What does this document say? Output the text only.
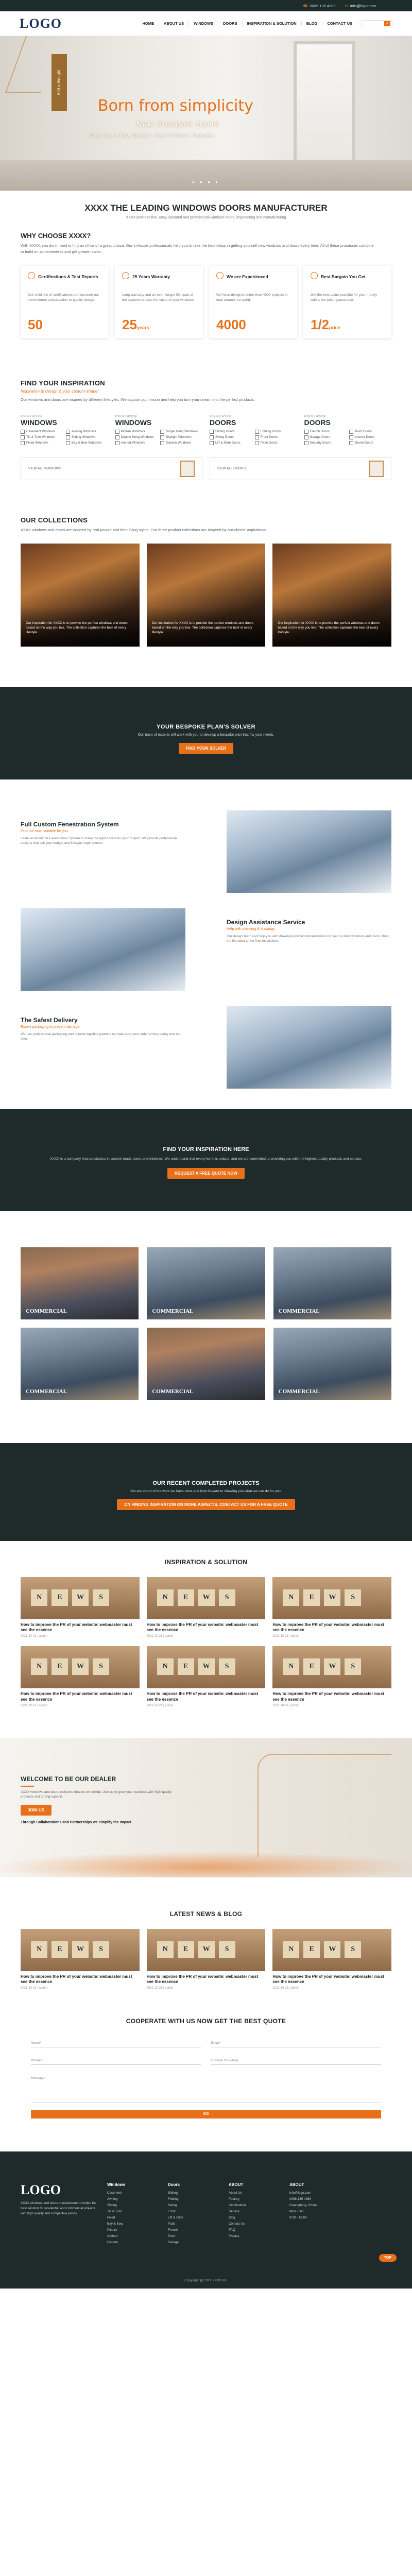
☎ 0086 135 4389 ✉ info@logo.com
LOGO	HOME	ABOUT US	WINDOWS	DOORS	INSPIRATION & SOLUTION	BLOG	CONTACT US	⌕
Add a thought
Born from simplicity
New Freedom Home
New Idea ▪ New Design ▪ New Product ▪ Success
● ● ● ●
XXXX THE LEADING WINDOWS DOORS MANUFACTURER

XXXX provides fine, easy-operated and professional windows doors, engineering and manufacturing

WHY CHOOSE XXXX?

With XXXX, you don't need to find an office of a great choice. Our in-house professionals help you to take the best steps in getting yourself new windows and doors every time. All of these processes combine to build on achievements and get greater sales.

Certifications & Test Reports
Our solid line of certifications demonstrate our commitment and devotion to quality design.
50
25 Years Warranty
Long warranty and an even longer life span of the systems ensure the value of your windows.
25years
We are Experienced
We have designed more than 4000 projects in total around the world.
4000
Best Bargain You Get
Get the best value possible for your money with a low price guaranteed.
1/2price
FIND YOUR INSPIRATION
Inspiration to design & your custom-shape!

Our windows and doors are inspired by different lifestyles. We support your vision and help you turn your dream into the perfect products.

FOR MY HOUSE
WINDOWS
Casement Windows	Awning Windows
Tilt & Turn Windows	Sliding Windows
Fixed Windows	Bay & Bow Windows
FOR MY HOUSE
WINDOWS
Picture Windows	Single Hung Windows
Double Hung Windows	Skylight Windows
Arched Windows	Garden Windows
FOR MY HOUSE
DOORS
Sliding Doors	Folding Doors
Swing Doors	Front Doors
Lift & Slide Doors	Patio Doors
FOR MY HOUSE
DOORS
French Doors	Pivot Doors
Garage Doors	Interior Doors
Security Doors	Storm Doors
VIEW ALL WINDOWS	VIEW ALL DOORS
OUR COLLECTIONS

XXXX windows and doors are inspired by real people and their living styles. Our three product collections are inspired by our clients' aspirations.

Our inspiration for XXXX is to provide the perfect windows and doors based on the way you live. The collection captures the best of every lifestyle.
Our inspiration for XXXX is to provide the perfect windows and doors based on the way you live. The collection captures the best of every lifestyle.
Our inspiration for XXXX is to provide the perfect windows and doors based on the way you live. The collection captures the best of every lifestyle.
YOUR BESPOKE PLAN'S SOLVER

Our team of experts will work with you to develop a bespoke plan that fits your needs.

FIND YOUR SOLVER
Full Custom Fenestration System
Find the most suitable for you

Learn all about the Fenestration System to make the right choice for your project. We provide professional designs that suit your budget and lifestyle requirements.

Design Assistance Service
Help with planning & drawings

Our design team can help you with drawings and recommendations for your custom windows and doors, from the first idea to the final installation.

The Safest Delivery
Expert packaging to prevent damage

We use professional packaging and reliable logistics partners to make sure your order arrives safely and on time.

FIND YOUR INSPIRATION HERE

XXXX is a company that specializes in custom-made doors and windows. We understand that every home is unique, and we are committed to providing you with the highest quality products and service.

REQUEST A FREE QUOTE NOW
COMMERCIAL	COMMERCIAL	COMMERCIAL
COMMERCIAL	COMMERCIAL	COMMERCIAL
OUR RECENT COMPLETED PROJECTS

We are proud of the work we have done and look forward to showing you what we can do for you.

ON FINDING INSPIRATION ON MORE ASPECTS, CONTACT US FOR A FREE QUOTE
INSPIRATION & SOLUTION
N	E	W	S
How to improve the PR of your website: webmaster must see the essence
2021-10-21 | admin
N	E	W	S
How to improve the PR of your website: webmaster must see the essence
2021-10-21 | admin
N	E	W	S
How to improve the PR of your website: webmaster must see the essence
2021-10-21 | admin
N	E	W	S
How to improve the PR of your website: webmaster must see the essence
2021-10-21 | admin
N	E	W	S
How to improve the PR of your website: webmaster must see the essence
2021-10-21 | admin
N	E	W	S
How to improve the PR of your website: webmaster must see the essence
2021-10-21 | admin
WELCOME TO BE OUR DEALER

XXXX windows and doors welcome dealers worldwide. Join us to grow your business with high quality products and strong support.

JOIN US
Through Collaborations and Partnerships we simplify the Impact
LATEST NEWS & BLOG
N	E	W	S
How to improve the PR of your website: webmaster must see the essence
2021-10-21 | admin
N	E	W	S
How to improve the PR of your website: webmaster must see the essence
2021-10-21 | admin
N	E	W	S
How to improve the PR of your website: webmaster must see the essence
2021-10-21 | admin
COOPERATE WITH US NOW GET THE BEST QUOTE
Name*	Email*
Phone*	Choose Your Area
Message*
GO
LOGO

XXXX windows and doors manufacturer provides the best solution for residential and commercial projects with high quality and competitive prices.

Windows
Casement
Awning
Sliding
Tilt & Turn
Fixed
Bay & Bow
Picture
Arched
Garden
Doors
Sliding
Folding
Swing
Front
Lift & Slide
Patio
French
Pivot
Garage
ABOUT
About Us
Factory
Certification
Service
Blog
Contact Us
FAQ
Privacy
ABOUT
info@logo.com
0086 135 4389
Guangdong, China
Mon - Sat
9:00 - 18:00
TOP
Copyright @ 2021 XXXX Inc.
